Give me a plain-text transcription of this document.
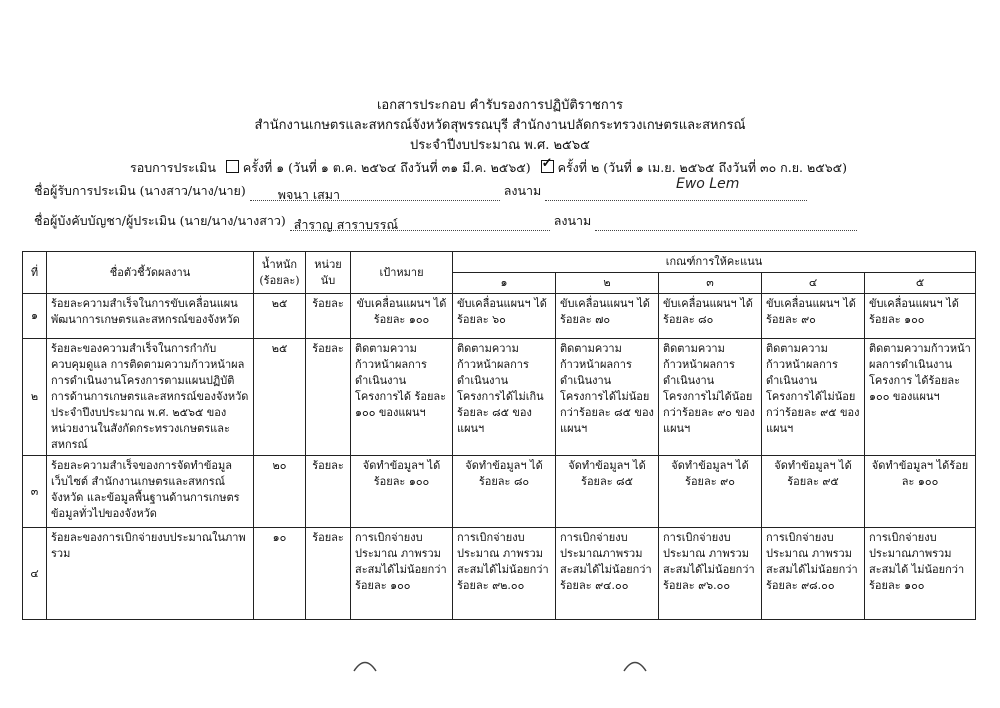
เอกสารประกอบ คำรับรองการปฏิบัติราชการ
สำนักงานเกษตรและสหกรณ์จังหวัดสุพรรณบุรี สำนักงานปลัดกระทรวงเกษตรและสหกรณ์
ประจำปีงบประมาณ พ.ศ. ๒๕๖๕
รอบการประเมิน ครั้งที่ ๑ (วันที่ ๑ ต.ค. ๒๕๖๔ ถึงวันที่ ๓๑ มี.ค. ๒๕๖๕) ✓ ครั้งที่ ๒ (วันที่ ๑ เม.ย. ๒๕๖๕ ถึงวันที่ ๓๐ ก.ย. ๒๕๖๕)
ชื่อผู้รับการประเมิน (นางสาว/นาง/นาย)	พจนา เสมา	ลงนาม	Ewo Lem
ชื่อผู้บังคับบัญชา/ผู้ประเมิน (นาย/นาง/นางสาว) สำราญ สาราบรรณ์	ลงนาม
ที่	ชื่อตัวชี้วัดผลงาน	น้ำหนัก (ร้อยละ)	หน่วยนับ	เป้าหมาย	เกณฑ์การให้คะแนน				
					๑	๒	๓	๔	๕
๑	ร้อยละความสำเร็จในการขับเคลื่อนแผนพัฒนาการเกษตรและสหกรณ์ของจังหวัด	๒๕	ร้อยละ	ขับเคลื่อนแผนฯ ได้ ร้อยละ ๑๐๐	ขับเคลื่อนแผนฯ ได้ ร้อยละ ๖๐	ขับเคลื่อนแผนฯ ได้ ร้อยละ ๗๐	ขับเคลื่อนแผนฯ ได้ ร้อยละ ๘๐	ขับเคลื่อนแผนฯ ได้ ร้อยละ ๙๐	ขับเคลื่อนแผนฯ ได้ ร้อยละ ๑๐๐
๒	ร้อยละของความสำเร็จในการกำกับ ควบคุมดูแล การติดตามความก้าวหน้าผลการดำเนินงานโครงการตามแผนปฏิบัติการด้านการเกษตรและสหกรณ์ของจังหวัด ประจำปีงบประมาณ พ.ศ. ๒๕๖๕ ของหน่วยงานในสังกัดกระทรวงเกษตรและสหกรณ์	๒๕	ร้อยละ	ติดตามความก้าวหน้าผลการ ดำเนินงานโครงการได้ ร้อยละ ๑๐๐ ของแผนฯ	ติดตามความก้าวหน้าผลการดำเนินงานโครงการได้ไม่เกินร้อยละ ๘๕ ของแผนฯ	ติดตามความก้าวหน้าผลการดำเนินงานโครงการได้ไม่น้อยกว่าร้อยละ ๘๕ ของแผนฯ	ติดตามความก้าวหน้าผลการดำเนินงานโครงการไม่ได้น้อยกว่าร้อยละ ๙๐ ของแผนฯ	ติดตามความก้าวหน้าผลการดำเนินงานโครงการได้ไม่น้อยกว่าร้อยละ ๙๕ ของแผนฯ	ติดตามความก้าวหน้าผลการดำเนินงานโครงการ ได้ร้อยละ ๑๐๐ ของแผนฯ
๓	ร้อยละความสำเร็จของการจัดทำข้อมูลเว็บไซต์ สำนักงานเกษตรและสหกรณ์จังหวัด และข้อมูลพื้นฐานด้านการเกษตรข้อมูลทั่วไปของจังหวัด	๒๐	ร้อยละ	จัดทำข้อมูลฯ ได้ร้อยละ ๑๐๐	จัดทำข้อมูลฯ ได้ร้อยละ ๘๐	จัดทำข้อมูลฯ ได้ร้อยละ ๘๕	จัดทำข้อมูลฯ ได้ร้อยละ ๙๐	จัดทำข้อมูลฯ ได้ร้อยละ ๙๕	จัดทำข้อมูลฯ ได้ร้อยละ ๑๐๐
๔	ร้อยละของการเบิกจ่ายงบประมาณในภาพรวม	๑๐	ร้อยละ	การเบิกจ่ายงบประมาณ ภาพรวมสะสมได้ไม่น้อยกว่า ร้อยละ ๑๐๐	การเบิกจ่ายงบประมาณ ภาพรวมสะสมได้ไม่น้อยกว่า ร้อยละ ๙๒.๐๐	การเบิกจ่ายงบประมาณภาพรวมสะสมได้ไม่น้อยกว่า ร้อยละ ๙๔.๐๐	การเบิกจ่ายงบประมาณ ภาพรวมสะสมได้ไม่น้อยกว่า ร้อยละ ๙๖.๐๐	การเบิกจ่ายงบประมาณ ภาพรวมสะสมได้ไม่น้อยกว่า ร้อยละ ๙๘.๐๐	การเบิกจ่ายงบประมาณภาพรวมสะสมได้ ไม่น้อยกว่า ร้อยละ ๑๐๐
